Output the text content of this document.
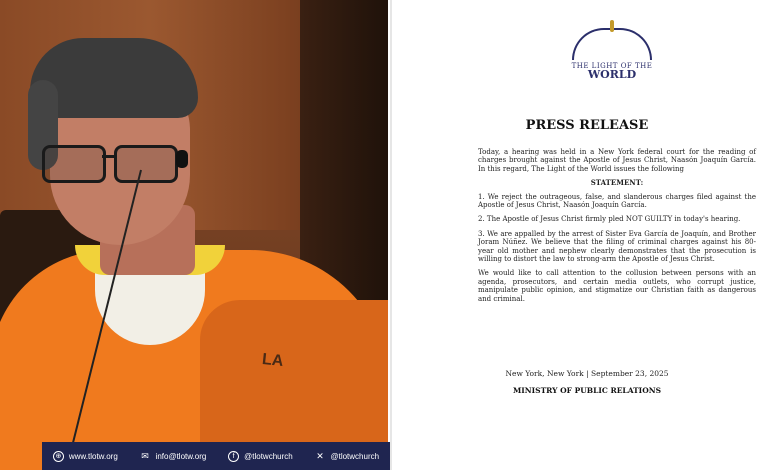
LA
THE LIGHT OF THE
WORLD
PRESS RELEASE

Today, a hearing was held in a New York federal court for the reading of charges brought against the Apostle of Jesus Christ, Naasón Joaquín García. In this regard, The Light of the World issues the following

STATEMENT:

1. We reject the outrageous, false, and slanderous charges filed against the Apostle of Jesus Christ, Naasón Joaquín García.

2. The Apostle of Jesus Christ firmly pled NOT GUILTY in today's hearing.

3. We are appalled by the arrest of Sister Eva García de Joaquín, and Brother Joram Núñez. We believe that the filing of criminal charges against his 80-year old mother and nephew clearly demonstrates that the prosecution is willing to distort the law to strong-arm the Apostle of Jesus Christ.

We would like to call attention to the collusion between persons with an agenda, prosecutors, and certain media outlets, who corrupt justice, manipulate public opinion, and stigmatize our Christian faith as dangerous and criminal.

New York, New York | September 23, 2025
MINISTRY OF PUBLIC RELATIONS
⊕ www.tlotw.org	✉ info@tlotw.org	f	@tlotwchurch	✕ @tlotwchurch
